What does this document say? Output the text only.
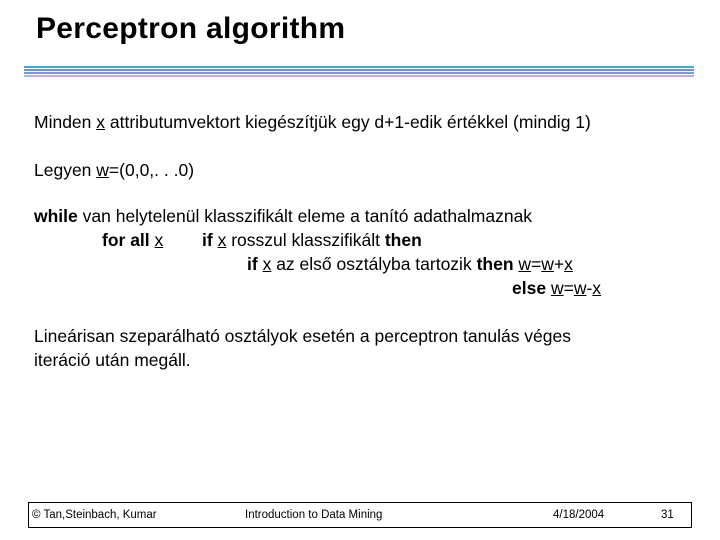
Perceptron algorithm
Minden x attributumvektort kiegészítjük egy d+1-edik értékkel (mindig 1)
Legyen w=(0,0,. . .0)
while van helytelenül klasszifikált eleme a tanító adathalmaznak
for all x if x rosszul klasszifikált then
if x az első osztályba tartozik then w=w+x
else w=w-x
Lineárisan szeparálható osztályok esetén a perceptron tanulás véges
iteráció után megáll.
© Tan,Steinbach, Kumar	Introduction to Data Mining	4/18/2004	31
